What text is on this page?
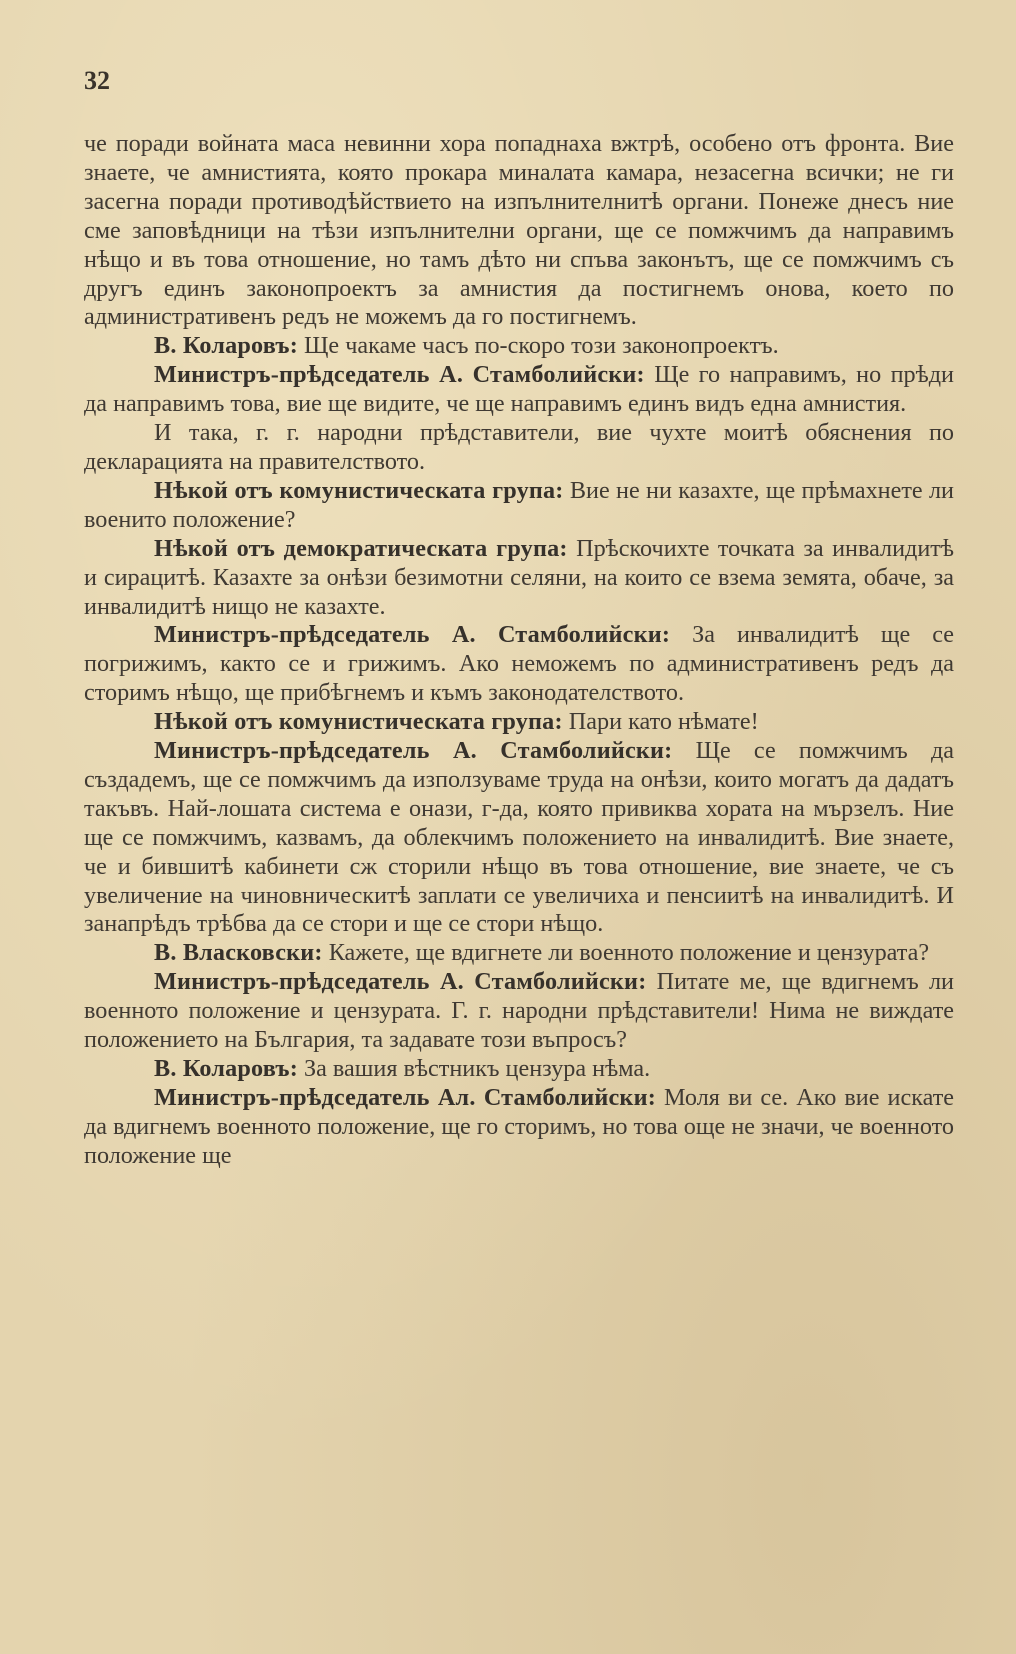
32

че поради войната маса невинни хора попаднаха вжтрѣ, особено отъ фронта. Вие знаете, че амнистията, която прокара миналата камара, незасегна всички; не ги засегна поради противодѣйствието на изпълнителнитѣ органи. Понеже днесъ ние сме заповѣдници на тѣзи изпълнителни органи, ще се помжчимъ да направимъ нѣщо и въ това отношение, но тамъ дѣто ни спъва законътъ, ще се помжчимъ съ другъ единъ законопроектъ за амнистия да постигнемъ онова, което по административенъ редъ не можемъ да го постигнемъ.

В. Коларовъ: Ще чакаме часъ по-скоро този законопроектъ.

Министръ-прѣдседатель А. Стамболийски: Ще го направимъ, но прѣди да направимъ това, вие ще видите, че ще направимъ единъ видъ една амнистия.

И така, г. г. народни прѣдставители, вие чухте моитѣ обяснения по декларацията на правителството.

Нѣкой отъ комунистическата група: Вие не ни казахте, ще прѣмахнете ли военито положение?

Нѣкой отъ демократическата група: Прѣскочихте точката за инвалидитѣ и сирацитѣ. Казахте за онѣзи безимотни селяни, на които се взема земята, обаче, за инвалидитѣ нищо не казахте.

Министръ-прѣдседатель А. Стамболийски: За инвалидитѣ ще се погрижимъ, както се и грижимъ. Ако неможемъ по административенъ редъ да сторимъ нѣщо, ще прибѣгнемъ и къмъ законодателството.

Нѣкой отъ комунистическата група: Пари като нѣмате!

Министръ-прѣдседатель А. Стамболийски: Ще се помжчимъ да създадемъ, ще се помжчимъ да използуваме труда на онѣзи, които могатъ да дадатъ такъвъ. Най-лошата система е онази, г-да, която привиква хората на мързелъ. Ние ще се помжчимъ, казвамъ, да облекчимъ положението на инвалидитѣ. Вие знаете, че и бившитѣ кабинети сж сторили нѣщо въ това отношение, вие знаете, че съ увеличение на чиновническитѣ заплати се увеличиха и пенсиитѣ на инвалидитѣ. И занапрѣдъ трѣбва да се стори и ще се стори нѣщо.

В. Власковски: Кажете, ще вдигнете ли военното положение и цензурата?

Министръ-прѣдседатель А. Стамболийски: Питате ме, ще вдигнемъ ли военното положение и цензурата. Г. г. народни прѣдставители! Нима не виждате положението на България, та задавате този въпросъ?

В. Коларовъ: За вашия вѣстникъ цензура нѣма.

Министръ-прѣдседатель Ал. Стамболийски: Моля ви се. Ако вие искате да вдигнемъ военното положение, ще го сторимъ, но това още не значи, че военното положение ще
